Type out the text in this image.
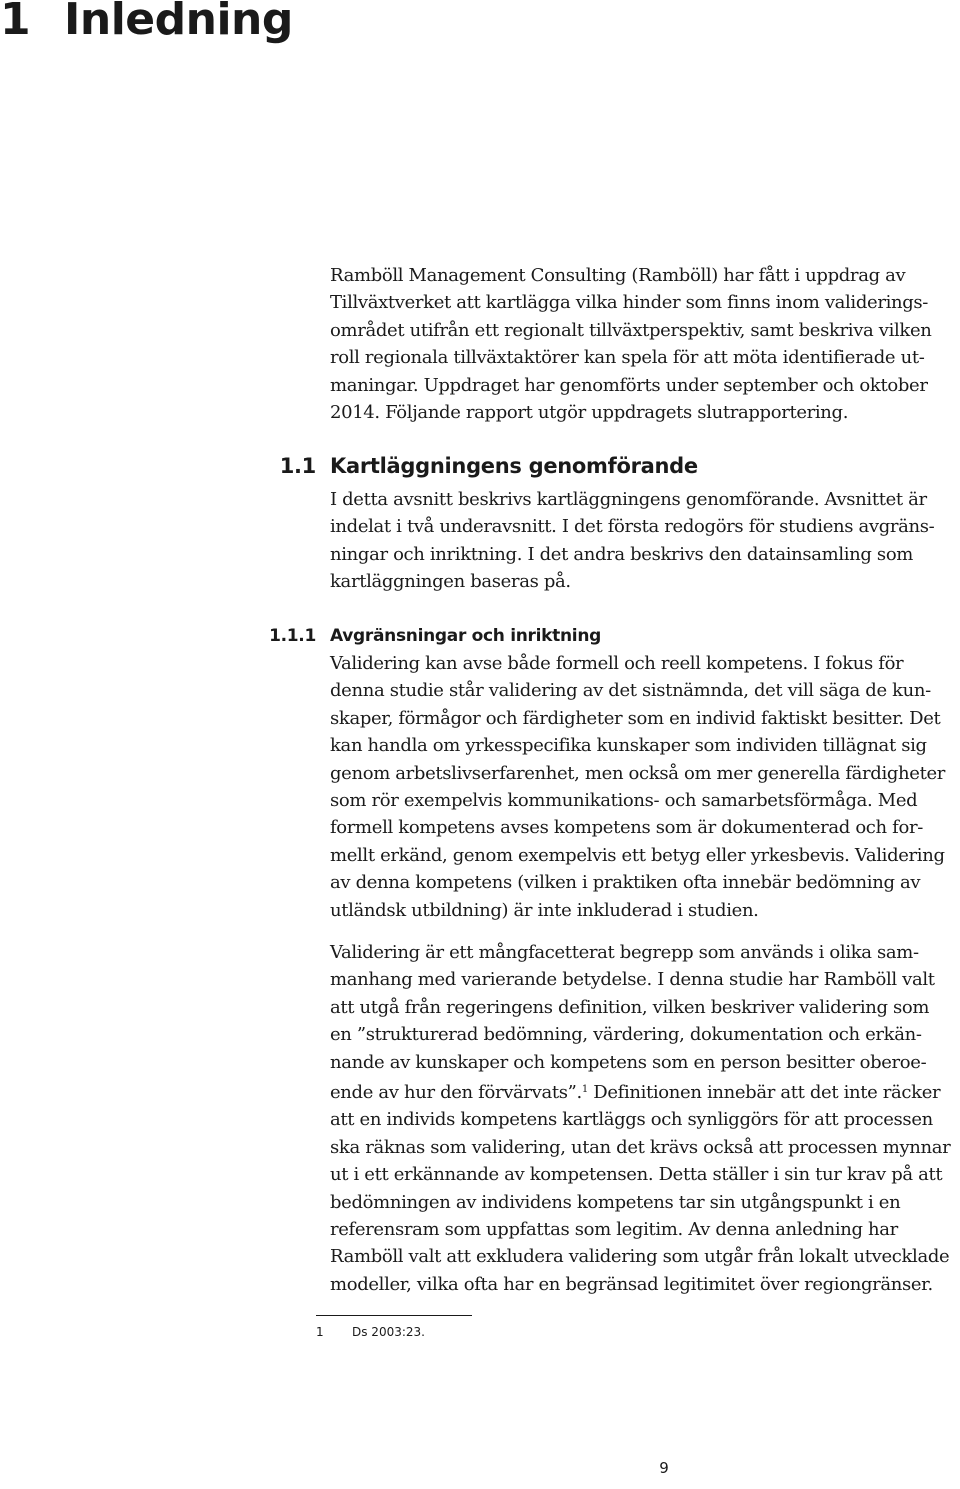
1 Inledning

Ramböll Management Consulting (Ramböll) har fått i uppdrag av
Tillväxtverket att kartlägga vilka hinder som finns inom validerings-
området utifrån ett regionalt tillväxtperspektiv, samt beskriva vilken
roll regionala tillväxtaktörer kan spela för att möta identifierade ut-
maningar. Uppdraget har genomförts under september och oktober
2014. Följande rapport utgör uppdragets slutrapportering.

1.1 Kartläggningens genomförande

I detta avsnitt beskrivs kartläggningens genomförande. Avsnittet är
indelat i två underavsnitt. I det första redogörs för studiens avgräns-
ningar och inriktning. I det andra beskrivs den datainsamling som
kartläggningen baseras på.

1.1.1 Avgränsningar och inriktning

Validering kan avse både formell och reell kompetens. I fokus för
denna studie står validering av det sistnämnda, det vill säga de kun-
skaper, förmågor och färdigheter som en individ faktiskt besitter. Det
kan handla om yrkesspecifika kunskaper som individen tillägnat sig
genom arbetslivserfarenhet, men också om mer generella färdigheter
som rör exempelvis kommunikations- och samarbetsförmåga. Med
formell kompetens avses kompetens som är dokumenterad och for-
mellt erkänd, genom exempelvis ett betyg eller yrkesbevis. Validering
av denna kompetens (vilken i praktiken ofta innebär bedömning av
utländsk utbildning) är inte inkluderad i studien.

Validering är ett mångfacetterat begrepp som används i olika sam-
manhang med varierande betydelse. I denna studie har Ramböll valt
att utgå från regeringens definition, vilken beskriver validering som
en ”strukturerad bedömning, värdering, dokumentation och erkän-
nande av kunskaper och kompetens som en person besitter oberoe-
ende av hur den förvärvats”.$^1$ Definitionen innebär att det inte räcker
att en individs kompetens kartläggs och synliggörs för att processen
ska räknas som validering, utan det krävs också att processen mynnar
ut i ett erkännande av kompetensen. Detta ställer i sin tur krav på att
bedömningen av individens kompetens tar sin utgångspunkt i en
referensram som uppfattas som legitim. Av denna anledning har
Ramböll valt att exkludera validering som utgår från lokalt utvecklade
modeller, vilka ofta har en begränsad legitimitet över regiongränser.

1 Ds 2003:23.

9
